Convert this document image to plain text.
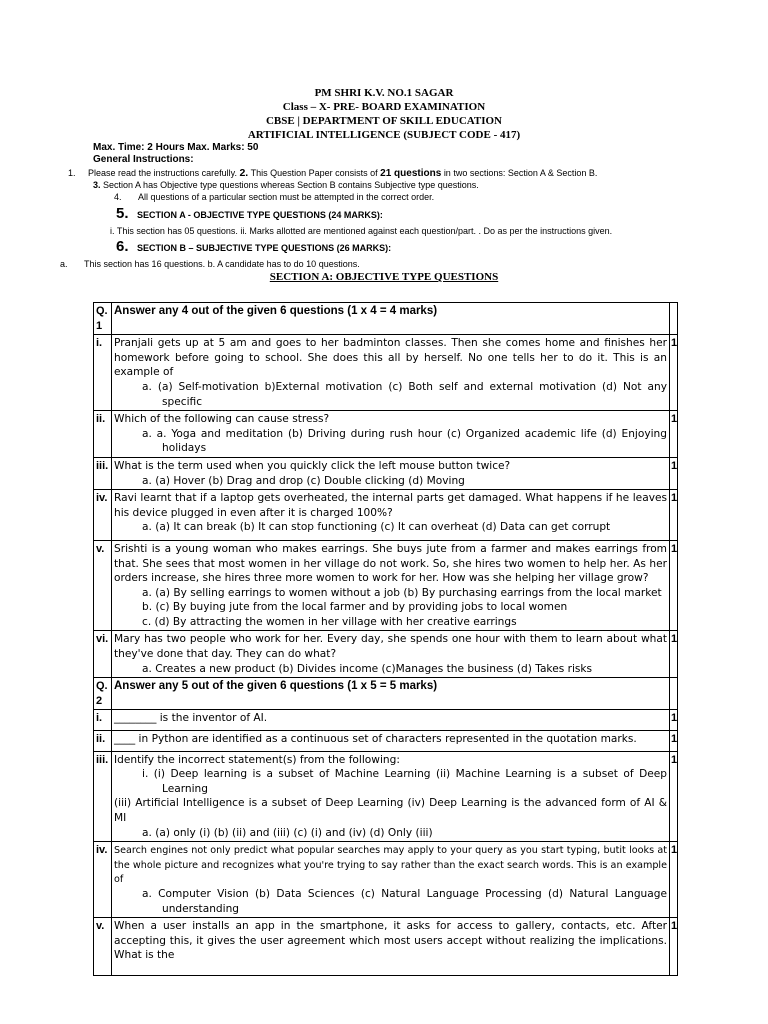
PM SHRI K.V. NO.1 SAGAR
Class – X- PRE- BOARD EXAMINATION
CBSE | DEPARTMENT OF SKILL EDUCATION
ARTIFICIAL INTELLIGENCE (SUBJECT CODE - 417)
Max. Time: 2 Hours Max. Marks: 50
General Instructions:
1. Please read the instructions carefully. 2. This Question Paper consists of 21 questions in two sections: Section A & Section B.
3. Section A has Objective type questions whereas Section B contains Subjective type questions.
4. All questions of a particular section must be attempted in the correct order.
5. SECTION A - OBJECTIVE TYPE QUESTIONS (24 MARKS):
i. This section has 05 questions. ii. Marks allotted are mentioned against each question/part. . Do as per the instructions given.
6. SECTION B – SUBJECTIVE TYPE QUESTIONS (26 MARKS):
a. This section has 16 questions. b. A candidate has to do 10 questions.
SECTION A: OBJECTIVE TYPE QUESTIONS
Q. 1	Answer any 4 out of the given 6 questions (1 x 4 = 4 marks)	
i.	Pranjali gets up at 5 am and goes to her badminton classes. Then she comes home and finishes her homework before going to school. She does this all by herself. No one tells her to do it. This is an example of
a. (a) Self-motivation b)External motivation (c) Both self and external motivation (d) Not any specific	1
ii.	Which of the following can cause stress?
a. a. Yoga and meditation (b) Driving during rush hour (c) Organized academic life (d) Enjoying holidays	1
iii.	What is the term used when you quickly click the left mouse button twice?
a. (a) Hover (b) Drag and drop (c) Double clicking (d) Moving	1
iv.	Ravi learnt that if a laptop gets overheated, the internal parts get damaged. What happens if he leaves his device plugged in even after it is charged 100%?
a. (a) It can break (b) It can stop functioning (c) It can overheat (d) Data can get corrupt	1
v.	Srishti is a young woman who makes earrings. She buys jute from a farmer and makes earrings from that. She sees that most women in her village do not work. So, she hires two women to help her. As her orders increase, she hires three more women to work for her. How was she helping her village grow?
a. (a) By selling earrings to women without a job (b) By purchasing earrings from the local market
b. (c) By buying jute from the local farmer and by providing jobs to local women
c. (d) By attracting the women in her village with her creative earrings	1
vi.	Mary has two people who work for her. Every day, she spends one hour with them to learn about what they've done that day. They can do what?
a. Creates a new product (b) Divides income (c)Manages the business (d) Takes risks	1
Q. 2	Answer any 5 out of the given 6 questions (1 x 5 = 5 marks)	
i.	________ is the inventor of AI.	1
ii.	____ in Python are identified as a continuous set of characters represented in the quotation marks.	1
iii.	Identify the incorrect statement(s) from the following:
i. (i) Deep learning is a subset of Machine Learning (ii) Machine Learning is a subset of Deep Learning
(iii) Artificial Intelligence is a subset of Deep Learning (iv) Deep Learning is the advanced form of AI & MI
a. (a) only (i) (b) (ii) and (iii) (c) (i) and (iv) (d) Only (iii)	1
iv.	Search engines not only predict what popular searches may apply to your query as you start typing, butit looks at the whole picture and recognizes what you're trying to say rather than the exact search words. This is an example of
a. Computer Vision (b) Data Sciences (c) Natural Language Processing (d) Natural Language understanding	1
v.	When a user installs an app in the smartphone, it asks for access to gallery, contacts, etc. After accepting this, it gives the user agreement which most users accept without realizing the implications. What is the	1
